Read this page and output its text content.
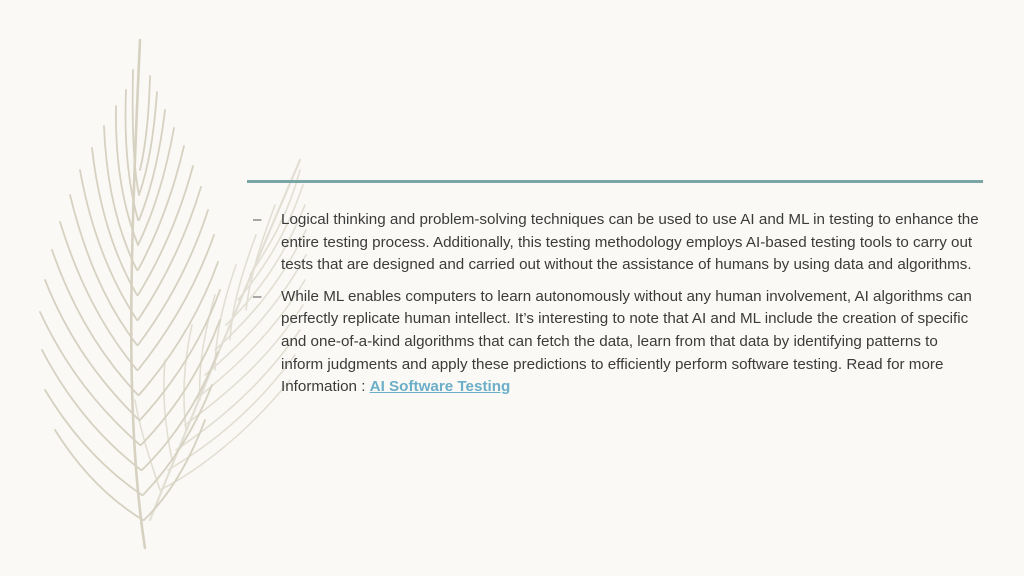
– Logical thinking and problem-solving techniques can be used to use AI and ML in testing to enhance the entire testing process. Additionally, this testing methodology employs AI-based testing tools to carry out tests that are designed and carried out without the assistance of humans by using data and algorithms.
– While ML enables computers to learn autonomously without any human involvement, AI algorithms can perfectly replicate human intellect. It’s interesting to note that AI and ML include the creation of specific and one-of-a-kind algorithms that can fetch the data, learn from that data by identifying patterns to inform judgments and apply these predictions to efficiently perform software testing. Read for more Information : AI Software Testing
